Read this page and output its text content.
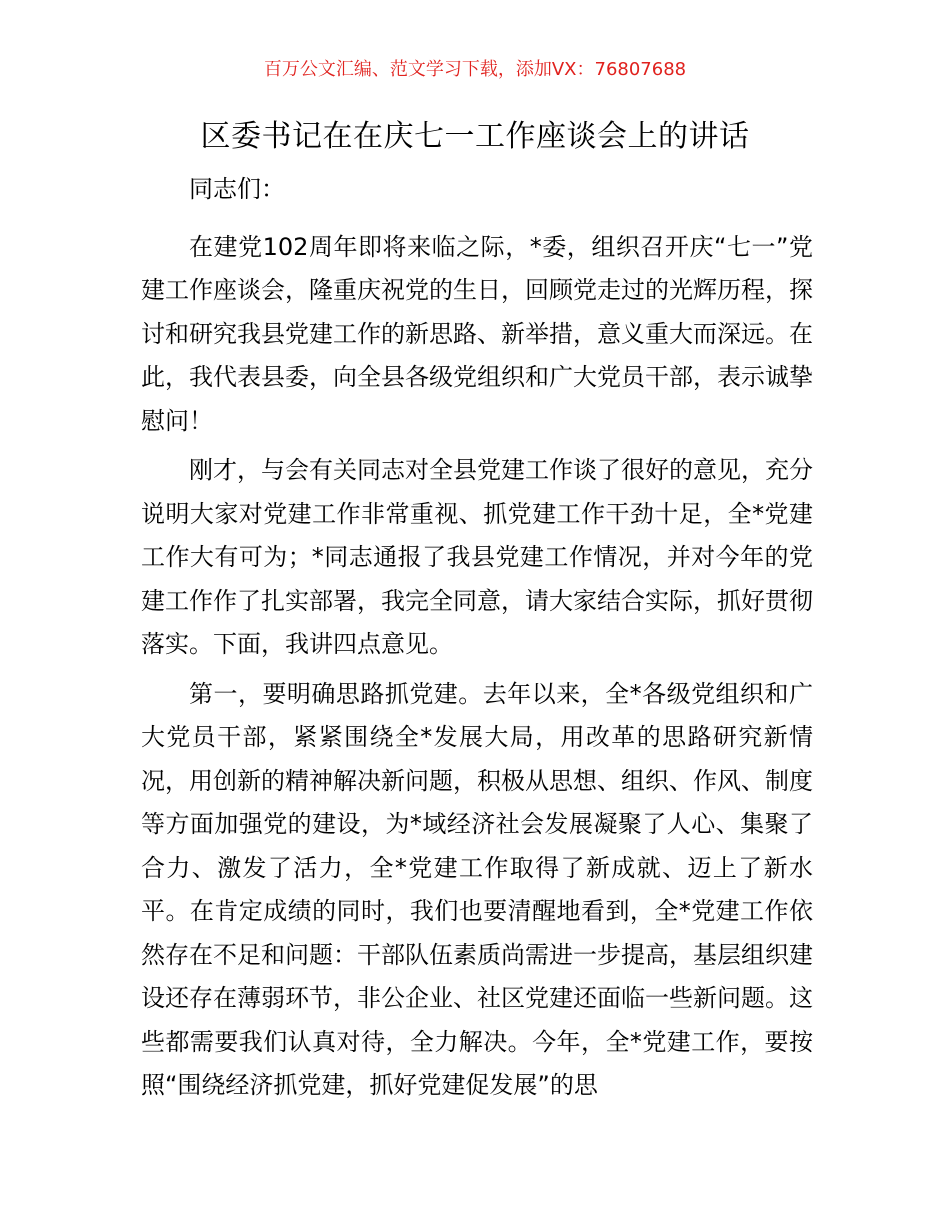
百万公文汇编、范文学习下载，添加VX：76807688
区委书记在在庆七一工作座谈会上的讲话

同志们：

在建党102周年即将来临之际，*委，组织召开庆“七一”党建工作座谈会，隆重庆祝党的生日，回顾党走过的光辉历程，探讨和研究我县党建工作的新思路、新举措，意义重大而深远。在此，我代表县委，向全县各级党组织和广大党员干部，表示诚挚慰问！

刚才，与会有关同志对全县党建工作谈了很好的意见，充分说明大家对党建工作非常重视、抓党建工作干劲十足，全*党建工作大有可为；*同志通报了我县党建工作情况，并对今年的党建工作作了扎实部署，我完全同意，请大家结合实际，抓好贯彻落实。下面，我讲四点意见。

第一，要明确思路抓党建。去年以来，全*各级党组织和广大党员干部，紧紧围绕全*发展大局，用改革的思路研究新情况，用创新的精神解决新问题，积极从思想、组织、作风、制度等方面加强党的建设，为*域经济社会发展凝聚了人心、集聚了合力、激发了活力，全*党建工作取得了新成就、迈上了新水平。在肯定成绩的同时，我们也要清醒地看到，全*党建工作依然存在不足和问题：干部队伍素质尚需进一步提高，基层组织建设还存在薄弱环节，非公企业、社区党建还面临一些新问题。这些都需要我们认真对待，全力解决。今年，全*党建工作，要按照“围绕经济抓党建，抓好党建促发展”的思
